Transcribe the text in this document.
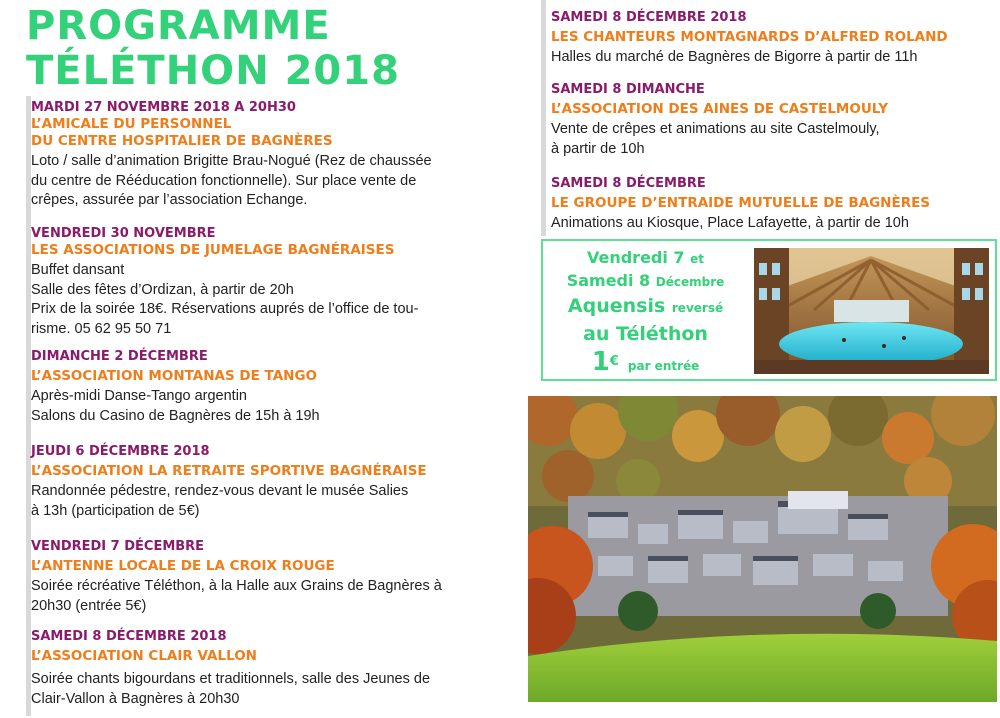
PROGRAMME
TÉLÉTHON 2018
MARDI 27 NOVEMBRE 2018 A 20H30
L’AMICALE DU PERSONNEL
DU CENTRE HOSPITALIER DE BAGNÈRES
Loto / salle d’animation Brigitte Brau-Nogué (Rez de chaussée
du centre de Rééducation fonctionnelle). Sur place vente de
crêpes, assurée par l’association Echange.
VENDREDI 30 NOVEMBRE
LES ASSOCIATIONS DE JUMELAGE BAGNÉRAISES
Buffet dansant
Salle des fêtes d’Ordizan, à partir de 20h
Prix de la soirée 18€. Réservations auprés de l’office de tou-
risme. 05 62 95 50 71
DIMANCHE 2 DÉCEMBRE
L’ASSOCIATION MONTANAS DE TANGO
Après-midi Danse-Tango argentin
Salons du Casino de Bagnères de 15h à 19h
JEUDI 6 DÉCEMBRE 2018
L’ASSOCIATION LA RETRAITE SPORTIVE BAGNÉRAISE
Randonnée pédestre, rendez-vous devant le musée Salies
à 13h (participation de 5€)
VENDREDI 7 DÉCEMBRE
L’ANTENNE LOCALE DE LA CROIX ROUGE
Soirée récréative Téléthon, à la Halle aux Grains de Bagnères à
20h30 (entrée 5€)
SAMEDI 8 DÉCEMBRE 2018
L’ASSOCIATION CLAIR VALLON
Soirée chants bigourdans et traditionnels, salle des Jeunes de
Clair-Vallon à Bagnères à 20h30
SAMEDI 8 DÉCEMBRE 2018
LES CHANTEURS MONTAGNARDS D’ALFRED ROLAND
Halles du marché de Bagnères de Bigorre à partir de 11h
SAMEDI 8 DIMANCHE
L’ASSOCIATION DES AINES DE CASTELMOULY
Vente de crêpes et animations au site Castelmouly,
à partir de 10h
SAMEDI 8 DÉCEMBRE
LE GROUPE D’ENTRAIDE MUTUELLE DE BAGNÈRES
Animations au Kiosque, Place Lafayette, à partir de 10h
Vendredi 7 et
Samedi 8 Décembre
Aquensis reversé
au Téléthon
1€ par entrée
